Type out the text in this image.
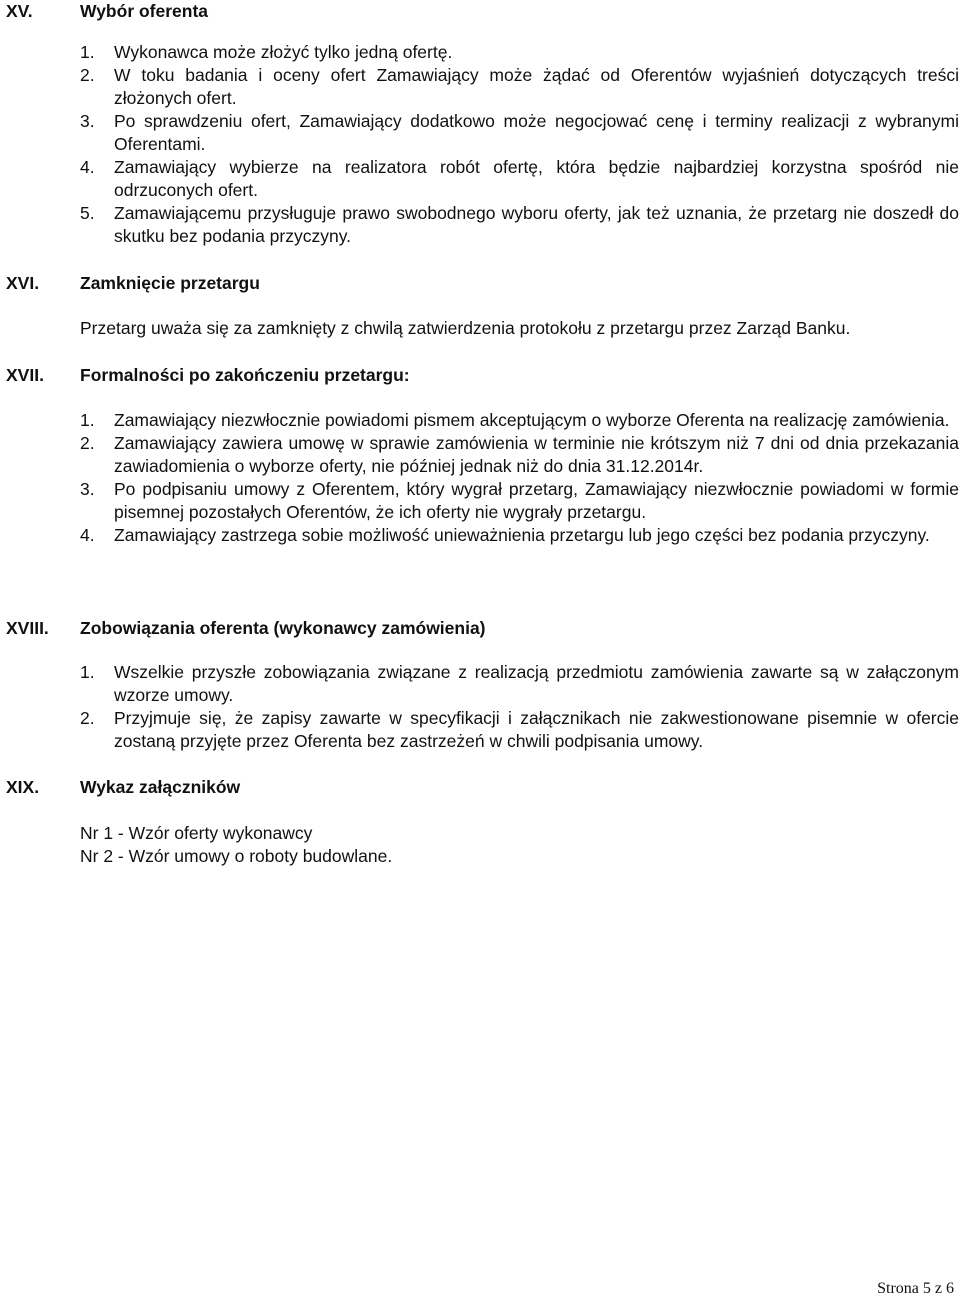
XV.	Wybór oferenta
1. Wykonawca może złożyć tylko jedną ofertę.
2. W toku badania i oceny ofert Zamawiający może żądać od Oferentów wyjaśnień dotyczących treści złożonych ofert.
3. Po sprawdzeniu ofert, Zamawiający dodatkowo może negocjować cenę i terminy realizacji z wybranymi Oferentami.
4. Zamawiający wybierze na realizatora robót ofertę, która będzie najbardziej korzystna spośród nie odrzuconych ofert.
5. Zamawiającemu przysługuje prawo swobodnego wyboru oferty, jak też uznania, że przetarg nie doszedł do skutku bez podania przyczyny.
XVI. Zamknięcie przetargu

Przetarg uważa się za zamknięty z chwilą zatwierdzenia protokołu z przetargu przez Zarząd Banku.

XVII. Formalności po zakończeniu przetargu:
1. Zamawiający niezwłocznie powiadomi pismem akceptującym o wyborze Oferenta na realizację zamówienia.
2. Zamawiający zawiera umowę w sprawie zamówienia w terminie nie krótszym niż 7 dni od dnia przekazania zawiadomienia o wyborze oferty, nie później jednak niż do dnia 31.12.2014r.
3. Po podpisaniu umowy z Oferentem, który wygrał przetarg, Zamawiający niezwłocznie powiadomi w formie pisemnej pozostałych Oferentów, że ich oferty nie wygrały przetargu.
4. Zamawiający zastrzega sobie możliwość unieważnienia przetargu lub jego części bez podania przyczyny.
XVIII. Zobowiązania oferenta (wykonawcy zamówienia)
1. Wszelkie przyszłe zobowiązania związane z realizacją przedmiotu zamówienia zawarte są w załączonym wzorze umowy.
2. Przyjmuje się, że zapisy zawarte w specyfikacji i załącznikach nie zakwestionowane pisemnie w ofercie zostaną przyjęte przez Oferenta bez zastrzeżeń w chwili podpisania umowy.
XIX. Wykaz załączników
Nr 1 - Wzór oferty wykonawcy
Nr 2 - Wzór umowy o roboty budowlane.
Strona 5 z 6
